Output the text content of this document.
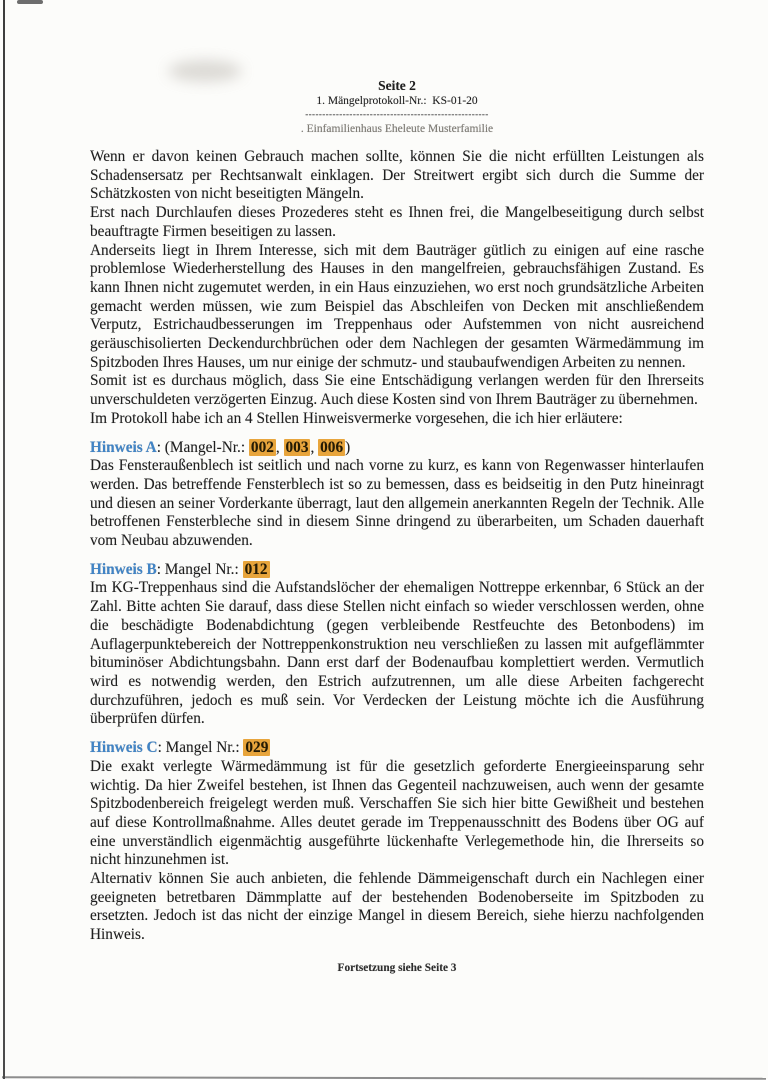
Seite 2
1. Mängelprotokoll-Nr.:  KS-01-20
------------------------------------------------------
. Einfamilienhaus Eheleute Musterfamilie

Wenn er davon keinen Gebrauch machen sollte, können Sie die nicht erfüllten Leistungen als Schadensersatz per Rechtsanwalt einklagen. Der Streitwert ergibt sich durch die Summe der Schätzkosten von nicht beseitigten Mängeln.

Erst nach Durchlaufen dieses Prozederes steht es Ihnen frei, die Mangelbeseitigung durch selbst beauftragte Firmen beseitigen zu lassen.

Anderseits liegt in Ihrem Interesse, sich mit dem Bauträger gütlich zu einigen auf eine rasche problemlose Wiederherstellung des Hauses in den mangelfreien, gebrauchsfähigen Zustand. Es kann Ihnen nicht zugemutet werden, in ein Haus einzuziehen, wo erst noch grundsätzliche Arbeiten gemacht werden müssen, wie zum Beispiel das Abschleifen von Decken mit anschließendem Verputz, Estrichaudbesserungen im Treppenhaus oder Aufstemmen von nicht ausreichend geräuschisolierten Deckendurchbrüchen oder dem Nachlegen der gesamten Wärmedämmung im Spitzboden Ihres Hauses, um nur einige der schmutz- und staubaufwendigen Arbeiten zu nennen.

Somit ist es durchaus möglich, dass Sie eine Entschädigung verlangen werden für den Ihrerseits unverschuldeten verzögerten Einzug. Auch diese Kosten sind von Ihrem Bauträger zu übernehmen.

Im Protokoll habe ich an 4 Stellen Hinweisvermerke vorgesehen, die ich hier erläutere:

Hinweis A: (Mangel-Nr.: 002 , 003 , 006 )

Das Fensteraußenblech ist seitlich und nach vorne zu kurz, es kann von Regenwasser hinterlaufen werden. Das betreffende Fensterblech ist so zu bemessen, dass es beidseitig in den Putz hineinragt und diesen an seiner Vorderkante überragt, laut den allgemein anerkannten Regeln der Technik. Alle betroffenen Fensterbleche sind in diesem Sinne dringend zu überarbeiten, um Schaden dauerhaft vom Neubau abzuwenden.

Hinweis B: Mangel Nr.: 012

Im KG-Treppenhaus sind die Aufstandslöcher der ehemaligen Nottreppe erkennbar, 6 Stück an der Zahl. Bitte achten Sie darauf, dass diese Stellen nicht einfach so wieder verschlossen werden, ohne die beschädigte Bodenabdichtung (gegen verbleibende Restfeuchte des Betonbodens) im Auflagerpunktebereich der Nottreppenkonstruktion neu verschließen zu lassen mit aufgeflämmter bituminöser Abdichtungsbahn. Dann erst darf der Bodenaufbau komplettiert werden. Vermutlich wird es notwendig werden, den Estrich aufzutrennen, um alle diese Arbeiten fachgerecht durchzuführen, jedoch es muß sein. Vor Verdecken der Leistung möchte ich die Ausführung überprüfen dürfen.

Hinweis C: Mangel Nr.: 029

Die exakt verlegte Wärmedämmung ist für die gesetzlich geforderte Energieeinsparung sehr wichtig. Da hier Zweifel bestehen, ist Ihnen das Gegenteil nachzuweisen, auch wenn der gesamte Spitzbodenbereich freigelegt werden muß. Verschaffen Sie sich hier bitte Gewißheit und bestehen auf diese Kontrollmaßnahme. Alles deutet gerade im Treppenausschnitt des Bodens über OG auf eine unverständlich eigenmächtig ausgeführte lückenhafte Verlegemethode hin, die Ihrerseits so nicht hinzunehmen ist.

Alternativ können Sie auch anbieten, die fehlende Dämmeigenschaft durch ein Nachlegen einer geeigneten betretbaren Dämmplatte auf der bestehenden Bodenoberseite im Spitzboden zu ersetzten. Jedoch ist das nicht der einzige Mangel in diesem Bereich, siehe hierzu nachfolgenden Hinweis.

Fortsetzung siehe Seite 3
